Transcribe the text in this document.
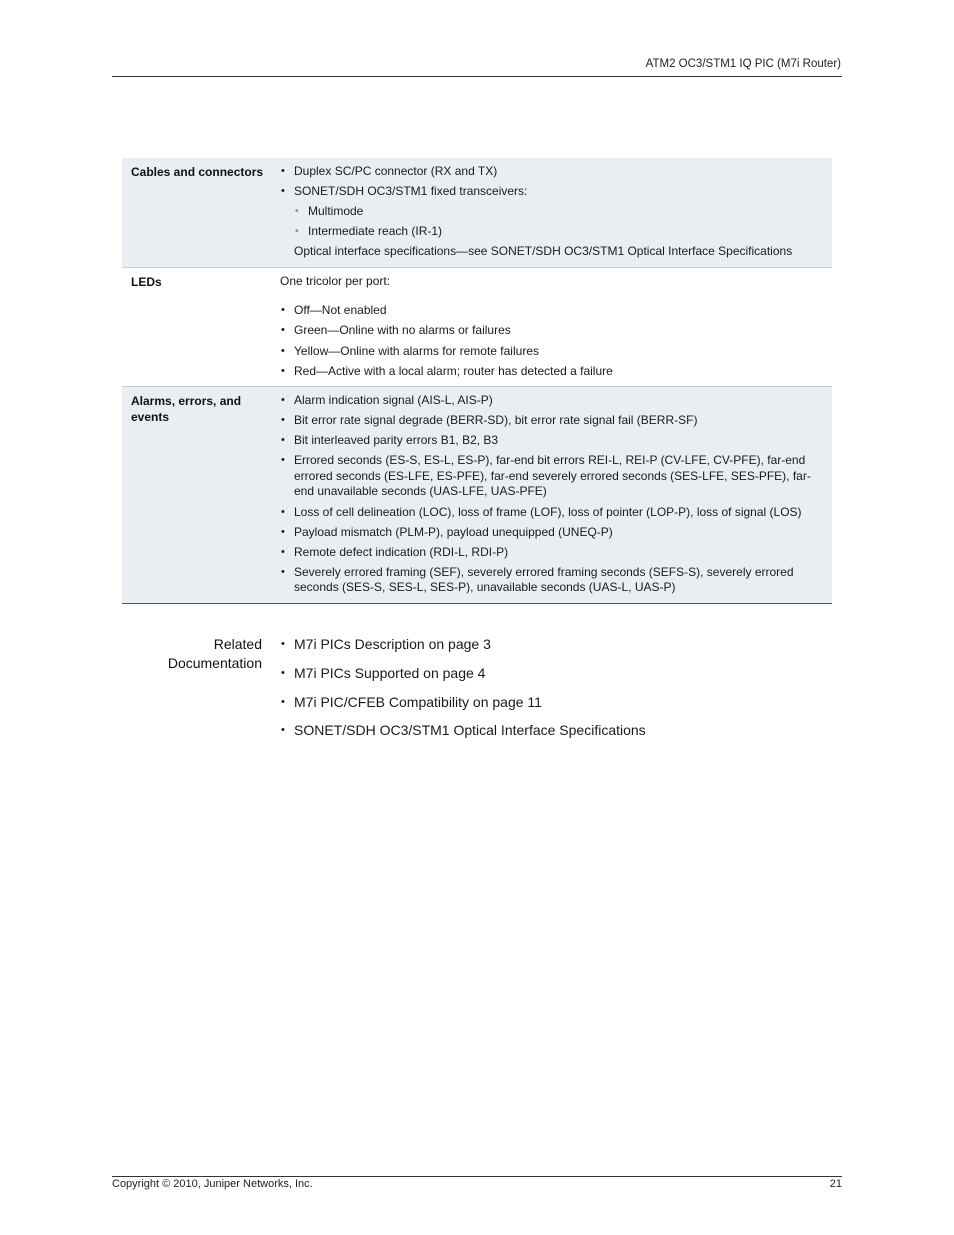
ATM2 OC3/STM1 IQ PIC (M7i Router)
Cables and connectors
•	Duplex SC/PC connector (RX and TX)
• SONET/SDH OC3/STM1 fixed transceivers:
• Multimode
• Intermediate reach (IR-1)
Optical interface specifications—see SONET/SDH OC3/STM1 Optical Interface Specifications
LEDs	One tricolor per port:
• Off—Not enabled
• Green—Online with no alarms or failures
• Yellow—Online with alarms for remote failures
• Red—Active with a local alarm; router has detected a failure
Alarms, errors, and events
• Alarm indication signal (AIS-L, AIS-P)
• Bit error rate signal degrade (BERR-SD), bit error rate signal fail (BERR-SF)
• Bit interleaved parity errors B1, B2, B3
• Errored seconds (ES-S, ES-L, ES-P), far-end bit errors REI-L, REI-P (CV-LFE, CV-PFE), far-end errored seconds (ES-LFE, ES-PFE), far-end severely errored seconds (SES-LFE, SES-PFE), far-end unavailable seconds (UAS-LFE, UAS-PFE)
• Loss of cell delineation (LOC), loss of frame (LOF), loss of pointer (LOP-P), loss of signal (LOS)
• Payload mismatch (PLM-P), payload unequipped (UNEQ-P)
• Remote defect indication (RDI-L, RDI-P)
• Severely errored framing (SEF), severely errored framing seconds (SEFS-S), severely errored seconds (SES-S, SES-L, SES-P), unavailable seconds (UAS-L, UAS-P)
Related
Documentation
• M7i PICs Description on page 3
• M7i PICs Supported on page 4
• M7i PIC/CFEB Compatibility on page 11
• SONET/SDH OC3/STM1 Optical Interface Specifications
Copyright © 2010, Juniper Networks, Inc.	21
